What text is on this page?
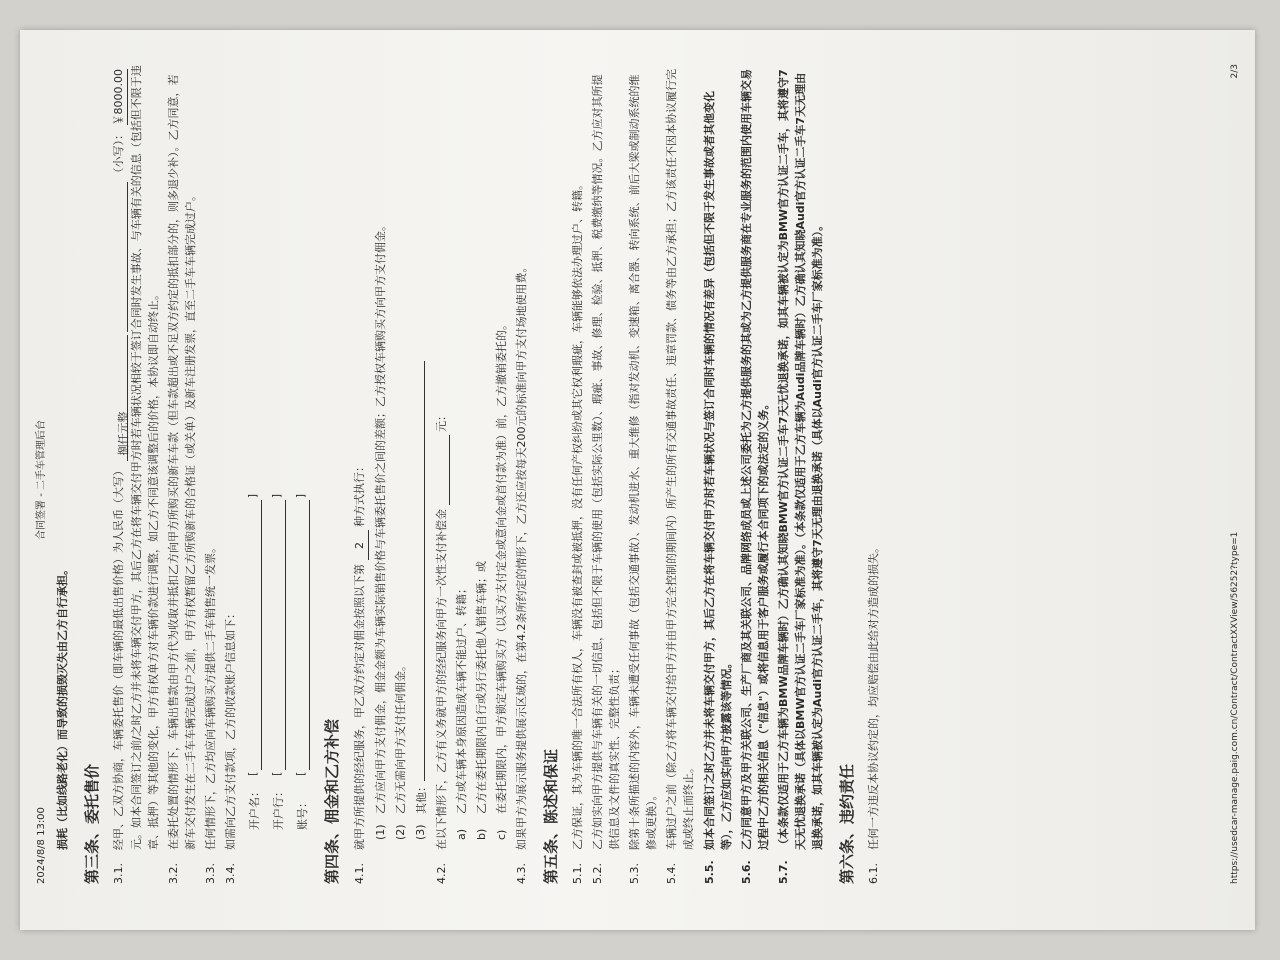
2024/8/8 13:00
合同签署 - 二手车管理后台
损耗（比如线路老化）而导致的损毁灭失由乙方自行承担。 第三条、委托售价 3.1.
经甲、乙双方协商，车辆委托售价（即车辆的最低出售价格）为人民币（大写） 捌仟元整  （小写）： ￥8000.00 元。如本合同签订之前/之时乙方并未将车辆交付甲方，其后乙方在将车辆交付甲方时若车辆状况相较于签订合同时发生事故、与车辆有关的信息（包括但不限于违章、抵押）等其他的变化，甲方有权单方对车辆价款进行调整，如乙方不同意该调整后的价格，本协议即自动终止。
3.2.
在委托处置的情形下，车辆出售款由甲方代为收取并抵扣乙方向甲方所购买的新车车款（但车款超出或不足双方约定的抵扣部分的，则多退少补）。乙方同意，若新车交付发生在二手车车辆完成过户之前，甲方有权暂留乙方所购新车的合格证（或关单）及新车注册发票，直至二手车车辆完成过户。
3.3.
任何情形下，乙方均应向车辆购买方提供二手车销售统一发票。
3.4.
如需向乙方支付款项，乙方的收款账户信息如下： 开户名：
[ ] 开户行：
[ ] 账号：
[ ] 第四条、佣金和乙方补偿 4.1.
就甲方所提供的经纪服务，甲乙双方约定对佣金按照以下第 2 种方式执行：
(1)
乙方应向甲方支付佣金，佣金金额为车辆实际销售价格与车辆委托售价之间的差额；乙方授权车辆购买方向甲方支付佣金。
(2)
乙方无需向甲方支付任何佣金。
(3)
其他：
4.2.
在以下情形下，乙方有义务就甲方的经纪服务向甲方一次性支付补偿金  元：
a)
乙方或车辆本身原因造成车辆不能过户、转籍；
b)
乙方在委托期限内自行或另行委托他人销售车辆；或
c)
在委托期限内，甲方锁定车辆购买方（以买方支付定金或意向金或首付款为准）前，乙方撤销委托的。
4.3.
如果甲方为展示服务提供展示区域的，在第4.2条所约定的情形下，乙方还应按每天200元的标准向甲方支付场地使用费。 第五条、陈述和保证 5.1.
乙方保证，其为车辆的唯一合法所有权人，车辆没有被查封或被抵押，没有任何产权纠纷或其它权利瑕疵，车辆能够依法办理过户、转籍。
5.2.
乙方如实向甲方提供与车辆有关的一切信息，包括但不限于车辆的使用（包括实际公里数）、瑕疵、事故、修理、检验、抵押、税费缴纳等情况。乙方应对其所提供信息及文件的真实性、完整性负责；
5.3.
除第十条所描述的内容外，车辆未遭受任何事故（包括交通事故）、发动机进水、重大维修（指对发动机、变速箱、离合器、转向系统、前后大梁或制动系统的维修或更换）。
5.4.
车辆过户之前（除乙方将车辆交付给甲方并由甲方完全控制的期间内）所产生的所有交通事故责任、违章罚款、债务等由乙方承担；乙方该责任不因本协议履行完成或终止而终止。
5.5.
如本合同签订之时乙方并未将车辆交付甲方，其后乙方在将车辆交付甲方时若车辆状况与签订合同时车辆的情况有差异（包括但不限于发生事故或者其他变化等），乙方应如实向甲方披露该等情况。
5.6.
乙方同意甲方及甲方关联公司、生产厂商及其关联公司、品牌网络成员或上述公司委托为乙方提供服务的其或为乙方提供服务商在专业服务的范围内使用车辆交易过程中乙方的相关信息（"信息"）或将信息用于客户服务或履行本合同项下的或法定的义务。
5.7.
（本条款仅适用于乙方车辆为BMW品牌车辆时）乙方确认其知晓BMW官方认证二手车7天无忧退换承诺，如其车辆被认定为BMW官方认证二手车，其将遵守7天无忧退换承诺（具体以BMW官方认证二手车厂家标准为准）。（本条款仅适用于乙方车辆为Audi品牌车辆时）乙方确认其知晓Audi官方认证二手车7天无理由退换承诺，如其车辆被认定为Audi官方认证二手车，其将遵守7天无理由退换承诺（具体以Audi官方认证二手车厂家标准为准）。 第六条、违约责任 6.1.
任何一方违反本协议约定的，均应赔偿由此给对方造成的损失。	https://usedcar-manage.paig.com.cn/Contract/ContractXXView/56252?type=1
2/3
